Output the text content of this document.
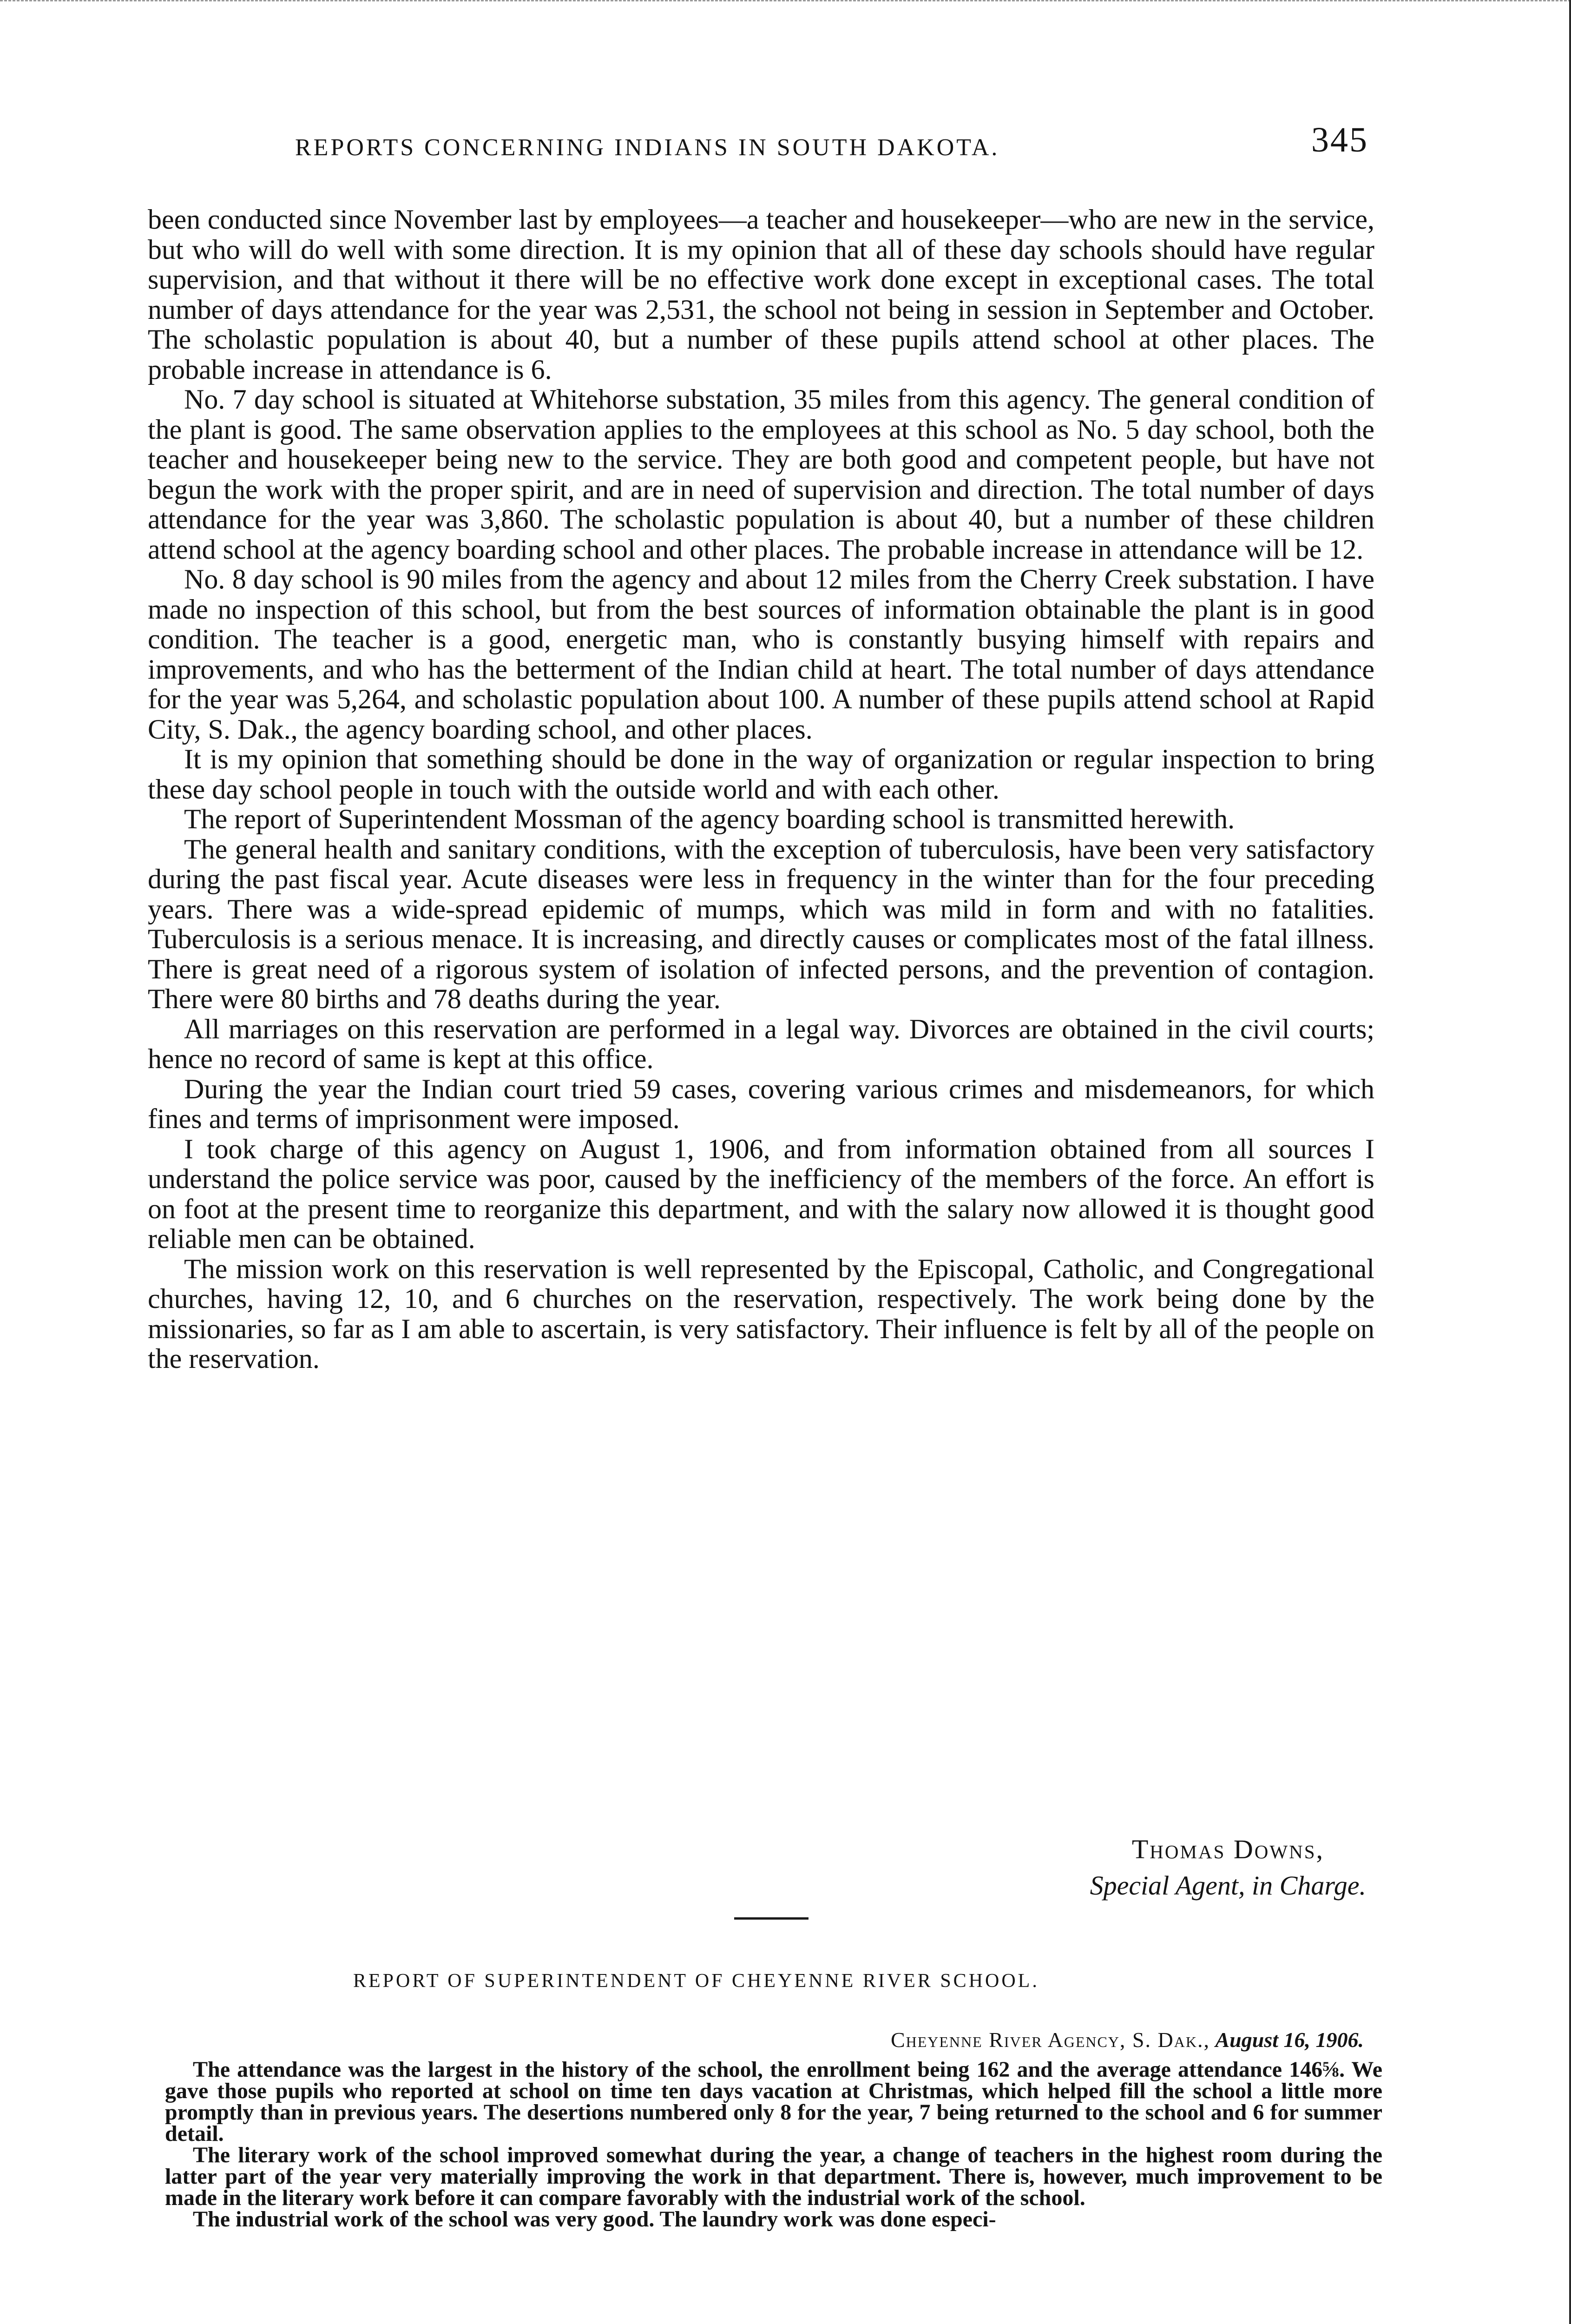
REPORTS CONCERNING INDIANS IN SOUTH DAKOTA.	345

been conducted since November last by employees—a teacher and housekeeper—who are new in the service, but who will do well with some direction. It is my opinion that all of these day schools should have regular supervision, and that without it there will be no effective work done except in exceptional cases. The total number of days attendance for the year was 2,531, the school not being in session in September and October. The scholastic population is about 40, but a number of these pupils attend school at other places. The probable increase in attendance is 6.

No. 7 day school is situated at Whitehorse substation, 35 miles from this agency. The general condition of the plant is good. The same observation applies to the employees at this school as No. 5 day school, both the teacher and housekeeper being new to the service. They are both good and competent people, but have not begun the work with the proper spirit, and are in need of supervision and direction. The total number of days attendance for the year was 3,860. The scholastic population is about 40, but a number of these children attend school at the agency boarding school and other places. The probable increase in attendance will be 12.

No. 8 day school is 90 miles from the agency and about 12 miles from the Cherry Creek substation. I have made no inspection of this school, but from the best sources of information obtainable the plant is in good condition. The teacher is a good, energetic man, who is constantly busying himself with repairs and improvements, and who has the betterment of the Indian child at heart. The total number of days attendance for the year was 5,264, and scholastic population about 100. A number of these pupils attend school at Rapid City, S. Dak., the agency boarding school, and other places.

It is my opinion that something should be done in the way of organization or regular inspection to bring these day school people in touch with the outside world and with each other.

The report of Superintendent Mossman of the agency boarding school is transmitted herewith.

The general health and sanitary conditions, with the exception of tuberculosis, have been very satisfactory during the past fiscal year. Acute diseases were less in frequency in the winter than for the four preceding years. There was a wide-spread epidemic of mumps, which was mild in form and with no fatalities. Tuberculosis is a serious menace. It is increasing, and directly causes or complicates most of the fatal illness. There is great need of a rigorous system of isolation of infected persons, and the prevention of contagion. There were 80 births and 78 deaths during the year.

All marriages on this reservation are performed in a legal way. Divorces are obtained in the civil courts; hence no record of same is kept at this office.

During the year the Indian court tried 59 cases, covering various crimes and misdemeanors, for which fines and terms of imprisonment were imposed.

I took charge of this agency on August 1, 1906, and from information obtained from all sources I understand the police service was poor, caused by the inefficiency of the members of the force. An effort is on foot at the present time to reorganize this department, and with the salary now allowed it is thought good reliable men can be obtained.

The mission work on this reservation is well represented by the Episcopal, Catholic, and Congregational churches, having 12, 10, and 6 churches on the reservation, respectively. The work being done by the missionaries, so far as I am able to ascertain, is very satisfactory. Their influence is felt by all of the people on the reservation.

Thomas Downs,
Special Agent, in Charge.
REPORT OF SUPERINTENDENT OF CHEYENNE RIVER SCHOOL.
Cheyenne River Agency, S. Dak., August 16, 1906.

The attendance was the largest in the history of the school, the enrollment being 162 and the average attendance 146⅝. We gave those pupils who reported at school on time ten days vacation at Christmas, which helped fill the school a little more promptly than in previous years. The desertions numbered only 8 for the year, 7 being returned to the school and 6 for summer detail.

The literary work of the school improved somewhat during the year, a change of teachers in the highest room during the latter part of the year very materially improving the work in that department. There is, however, much improvement to be made in the literary work before it can compare favorably with the industrial work of the school.

The industrial work of the school was very good. The laundry work was done especi-
